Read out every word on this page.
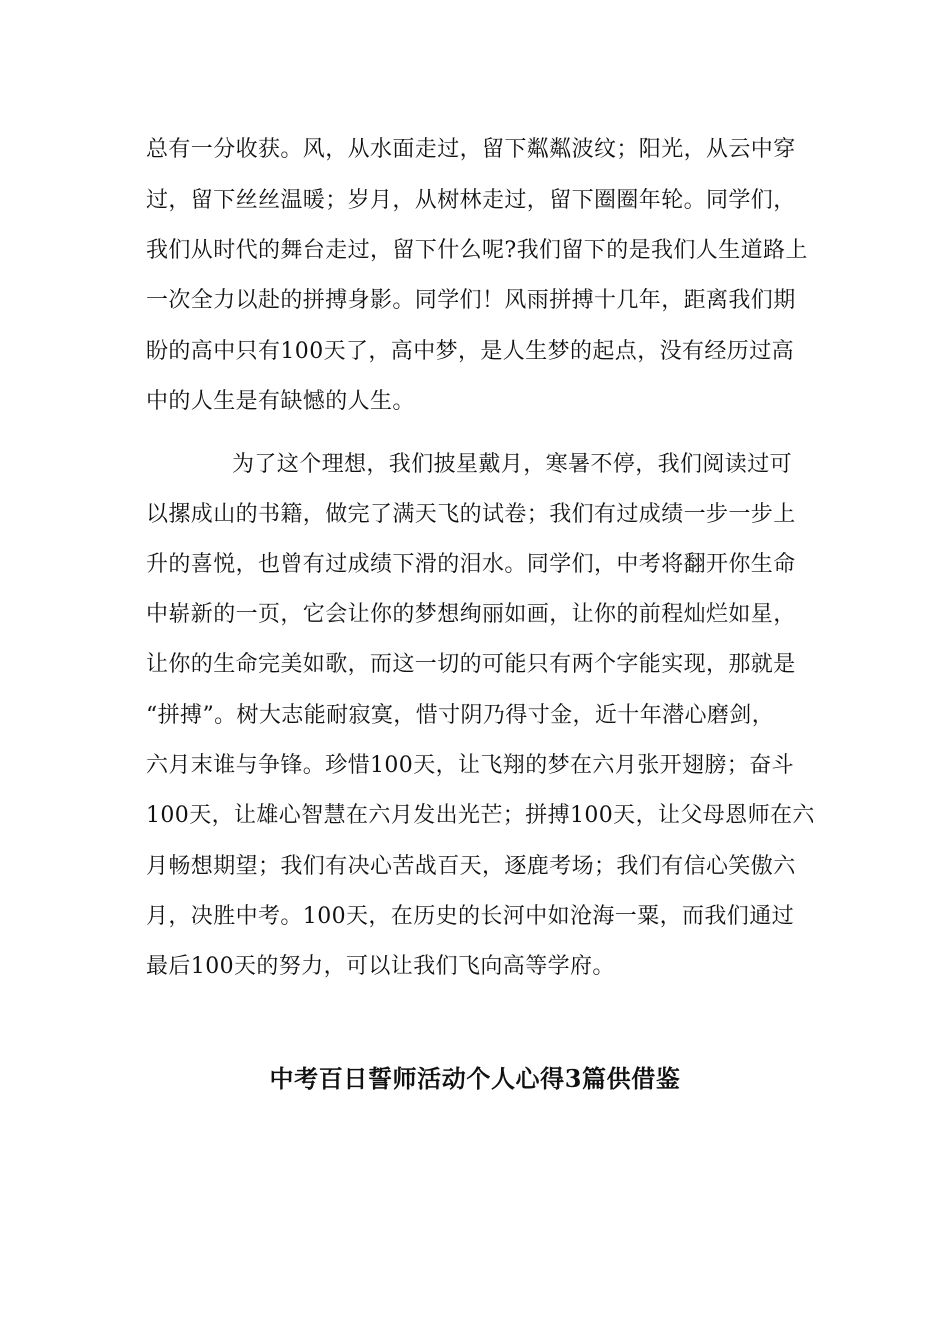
总有一分收获。风，从水面走过，留下粼粼波纹；阳光，从云中穿
过，留下丝丝温暖；岁月，从树林走过，留下圈圈年轮。同学们，
我们从时代的舞台走过，留下什么呢?我们留下的是我们人生道路上
一次全力以赴的拼搏身影。同学们！风雨拼搏十几年，距离我们期
盼的高中只有100天了，高中梦，是人生梦的起点，没有经历过高
中的人生是有缺憾的人生。
为了这个理想，我们披星戴月，寒暑不停，我们阅读过可
以摞成山的书籍，做完了满天飞的试卷；我们有过成绩一步一步上
升的喜悦，也曾有过成绩下滑的泪水。同学们，中考将翻开你生命
中崭新的一页，它会让你的梦想绚丽如画，让你的前程灿烂如星，
让你的生命完美如歌，而这一切的可能只有两个字能实现，那就是
“拼搏”。树大志能耐寂寞，惜寸阴乃得寸金，近十年潜心磨剑，
六月末谁与争锋。珍惜100天，让飞翔的梦在六月张开翅膀；奋斗
100天，让雄心智慧在六月发出光芒；拼搏100天，让父母恩师在六
月畅想期望；我们有决心苦战百天，逐鹿考场；我们有信心笑傲六
月，决胜中考。100天，在历史的长河中如沧海一粟，而我们通过
最后100天的努力，可以让我们飞向高等学府。
中考百日誓师活动个人心得3篇供借鉴
